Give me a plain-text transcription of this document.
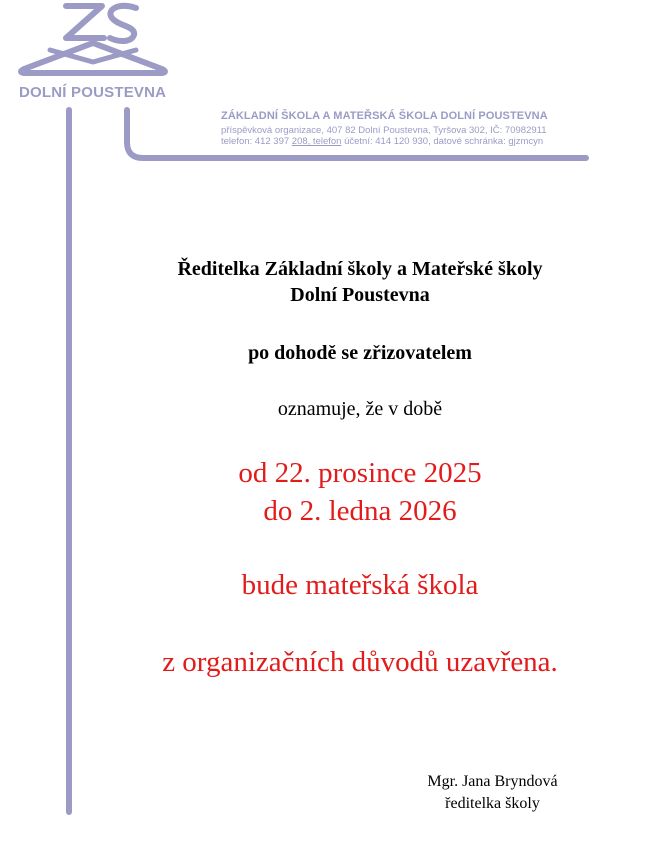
DOLNÍ POUSTEVNA
ZÁKLADNÍ ŠKOLA A MATEŘSKÁ ŠKOLA DOLNÍ POUSTEVNA
příspěvková organizace, 407 82 Dolní Poustevna, Tyršova 302, IČ: 70982911
telefon: 412 397 208, telefon účetní: 414 120 930, datové schránka: gjzmcyn
Ředitelka Základní školy a Mateřské školy
Dolní Poustevna
po dohodě se zřizovatelem
oznamuje, že v době
od 22. prosince 2025
do 2. ledna 2026
bude mateřská škola
z organizačních důvodů uzavřena.
Mgr. Jana Bryndová
ředitelka školy
